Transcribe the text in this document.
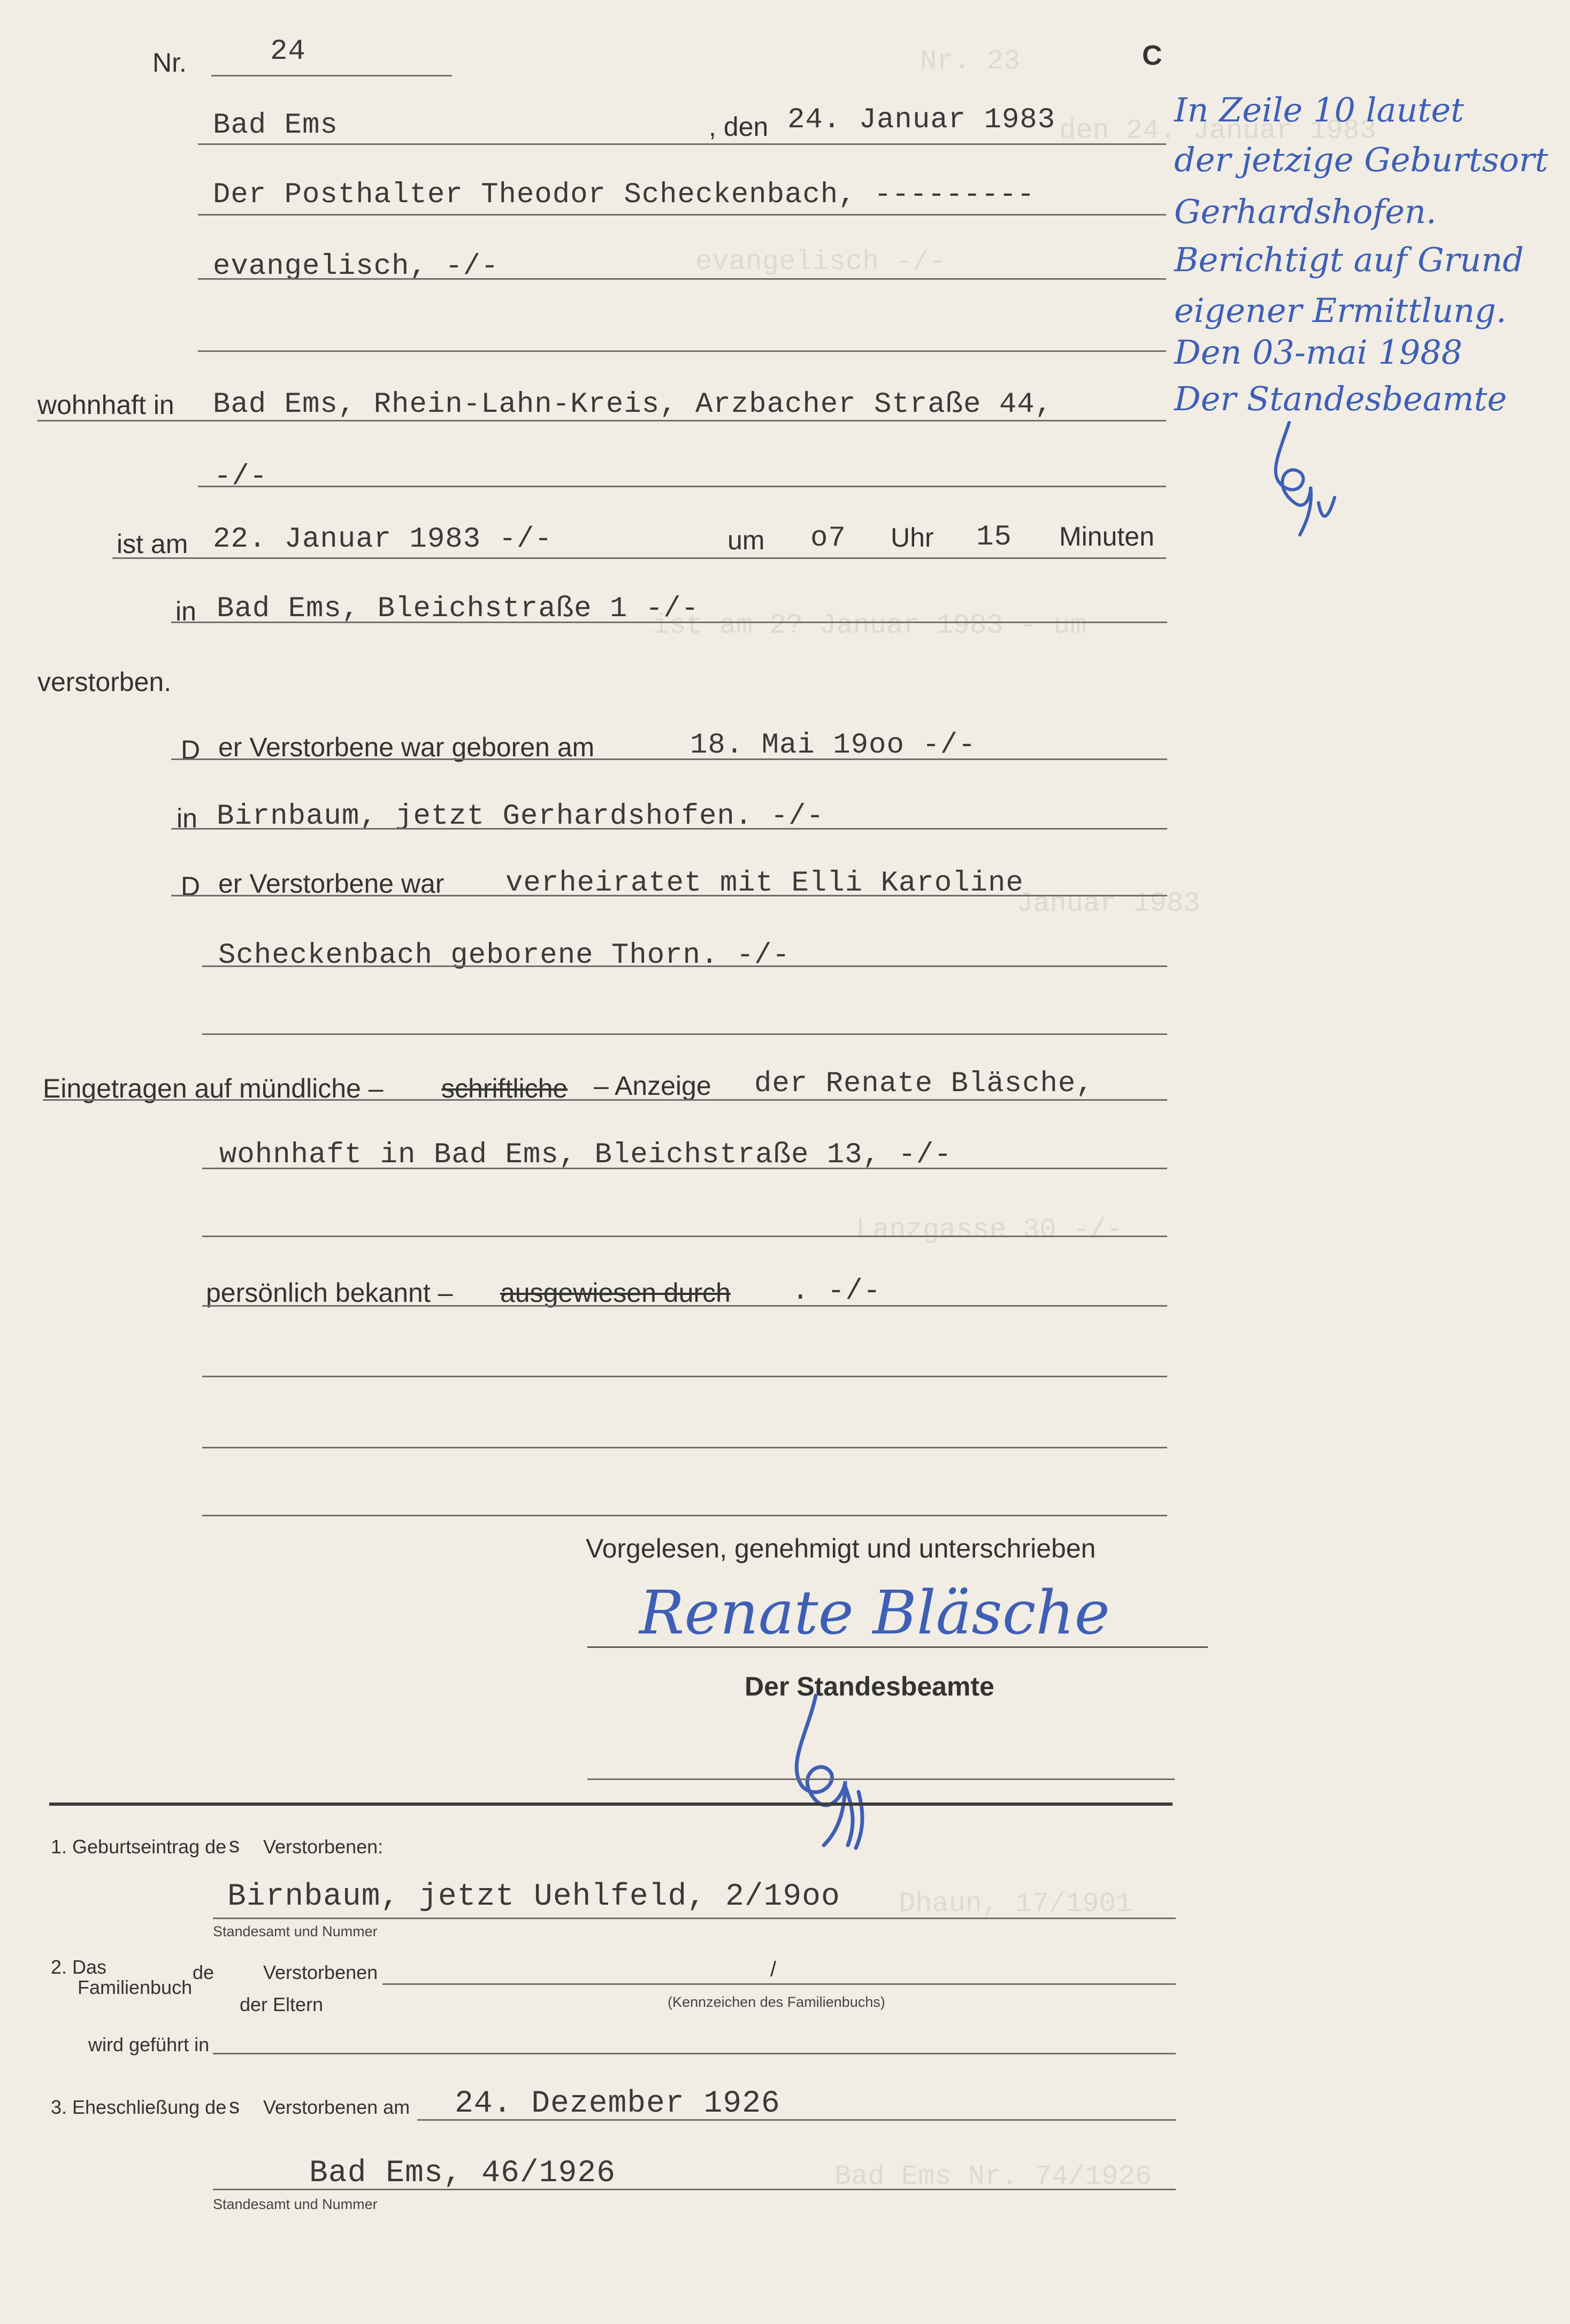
Nr. 23
den 24. Januar 1983
evangelisch -/-
ist am 2? Januar 1983 - um
Januar 1983
Lanzgasse 30 -/-
Dhaun, 17/1901
Bad Ems Nr. 74/1926
Nr.	24	C
Bad Ems	, den 24. Januar 1983
Der Posthalter Theodor Scheckenbach, ---------
evangelisch, -/-
wohnhaft in Bad Ems, Rhein-Lahn-Kreis, Arzbacher Straße 44,
-/-
ist am 22. Januar 1983 -/-	um o7 Uhr 15 Minuten
in Bad Ems, Bleichstraße 1 -/-
verstorben.
D er Verstorbene war geboren am	18. Mai 19oo -/-
in Birnbaum, jetzt Gerhardshofen. -/-
D er Verstorbene war verheiratet mit Elli Karoline
Scheckenbach geborene Thorn. -/-
Eingetragen auf mündliche – schriftliche – Anzeige der Renate Bläsche,
wohnhaft in Bad Ems, Bleichstraße 13, -/-
persönlich bekannt – ausgewiesen durch . -/-
Vorgelesen, genehmigt und unterschrieben
Renate Bläsche
Der Standesbeamte
In Zeile 10 lautet
der jetzige Geburtsort
Gerhardshofen.
Berichtigt auf Grund
eigener Ermittlung.
Den 03-mai 1988
Der Standesbeamte
1. Geburtseintrag de s Verstorbenen:
Birnbaum, jetzt Uehlfeld, 2/19oo
Standesamt und Nummer
2. Das
Familienbuch
de	Verstorbenen	/
der Eltern	(Kennzeichen des Familienbuchs)
wird geführt in
3. Eheschließung de s Verstorbenen am 24. Dezember 1926
Bad Ems, 46/1926
Standesamt und Nummer
